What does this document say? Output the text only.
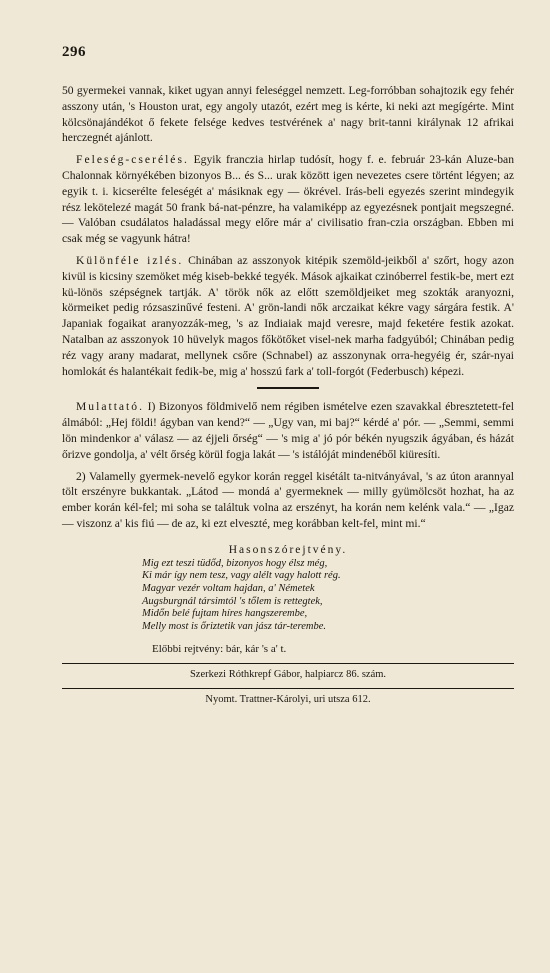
296

50 gyermekei vannak, kiket ugyan annyi feleséggel nemzett. Leg-forróbban sohajtozik egy fehér asszony után, 's Houston urat, egy angoly utazót, ezért meg is kérte, ki neki azt megígérte. Mint kölcsönajándékot ő fekete felsége kedves testvérének a' nagy brit-tanni királynak 12 afrikai herczegnét ajánlott.

Feleség-cserélés. Egyik franczia hirlap tudósít, hogy f. e. február 23-kán Aluze-ban Chalonnak környékében bizonyos B... és S... urak között igen nevezetes csere történt légyen; az egyik t. i. kicserélte feleségét a' másiknak egy — ökrével. Irás-beli egyezés szerint mindegyik rész lekötelezé magát 50 frank bá-nat-pénzre, ha valamiképp az egyezésnek pontjait megszegné. — Valóban csudálatos haladással megy előre már a' civilisatio fran-czia országban. Ebben mi csak még se vagyunk hátra!

Különféle izlés. Chinában az asszonyok kitépik szemöld-jeikből a' szőrt, hogy azon kivül is kicsiny szemöket még kiseb-bekké tegyék. Mások ajkaikat czinóberrel festik-be, mert ezt kü-lönös szépségnek tartják. A' török nők az előtt szemöldjeiket meg szokták aranyozni, körmeiket pedig rózsaszinűvé festeni. A' grön-landi nők arczaikat kékre vagy sárgára festik. A' Japaniak fogaikat aranyozzák-meg, 's az Indiaiak majd veresre, majd feketére festik azokat. Natalban az asszonyok 10 hüvelyk magos főkötőket visel-nek marha fadgyúból; Chinában pedig réz vagy arany madarat, mellynek csőre (Schnabel) az asszonynak orra-hegyéig ér, szár-nyai homlokát és halantékait fedik-be, mig a' hosszú fark a' toll-forgót (Federbusch) képezi.

Mulattató. I) Bizonyos földmivelő nem régiben ismételve ezen szavakkal ébresztetett-fel álmából: „Hej földi! ágyban van kend?“ — „Ugy van, mi baj?“ kérdé a' pór. — „Semmi, semmi lön mindenkor a' válasz — az éjjeli őrség“ — 's mig a' jó pór békén nyugszik ágyában, és házát őrizve gondolja, a' vélt őrség körül fogja lakát — 's istálóját mindenéből kiüresíti.

2) Valamelly gyermek-nevelő egykor korán reggel kisétált ta-nitványával, 's az úton arannyal tölt erszényre bukkantak. „Látod — mondá a' gyermeknek — milly gyümölcsöt hozhat, ha az ember korán kél-fel; mi soha se találtuk volna az erszényt, ha korán nem kelénk vala.“ — „Igaz — viszonz a' kis fiú — de az, ki ezt elveszté, meg korábban kelt-fel, mint mi.“

Hasonszórejtvény.
Mig ezt teszi tüdőd, bizonyos hogy élsz még,
Ki már így nem tesz, vagy alélt vagy halott rég.
Magyar vezér voltam hajdan, a' Németek
Augsburgnál társimtól 's tőlem is rettegtek,
Midőn belé fujtam híres hangszerembe,
Melly most is őriztetik van jász tár-terembe.
Előbbi rejtvény: bár, kár 's a' t.
Szerkezi Róthkrepf Gábor, halpiarcz 86. szám.
Nyomt. Trattner-Károlyi, uri utsza 612.
